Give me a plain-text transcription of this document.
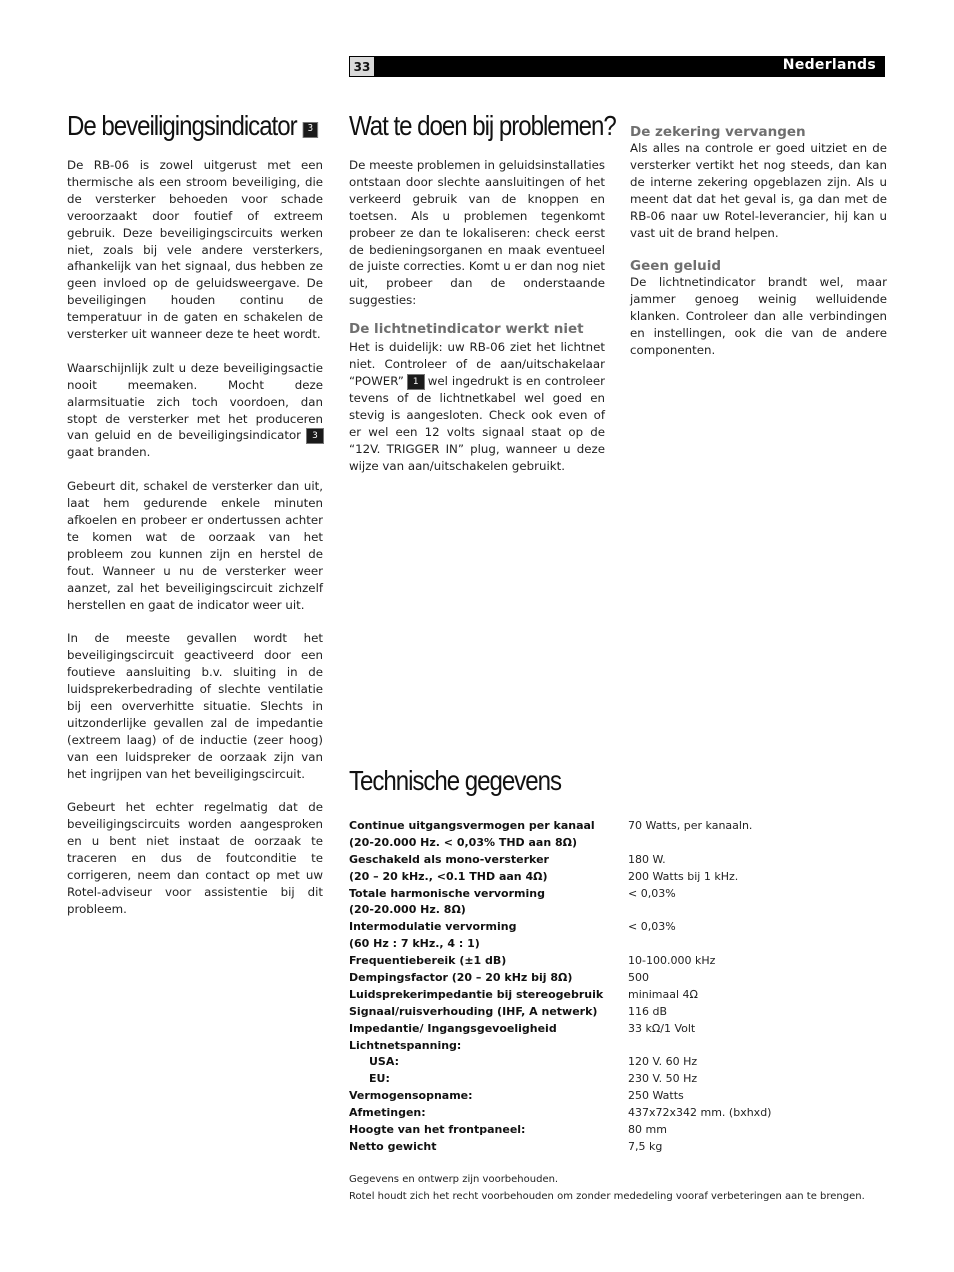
33	Nederlands
De beveiligingsindicator 3

De RB-06 is zowel uitgerust met een thermische als een stroom beveiliging, die de versterker behoeden voor schade veroorzaakt door foutief of extreem gebruik. Deze beveiligingscircuits werken niet, zoals bij vele andere versterkers, afhankelijk van het signaal, dus hebben ze geen invloed op de geluidsweergave. De beveiligingen houden continu de temperatuur in de gaten en schakelen de versterker uit wanneer deze te heet wordt.

Waarschijnlijk zult u deze beveiligingsactie nooit meemaken. Mocht deze alarmsituatie zich toch voordoen, dan stopt de versterker met het produceren van geluid en de beveiligingsindicator 3 gaat branden.

Gebeurt dit, schakel de versterker dan uit, laat hem gedurende enkele minuten afkoelen en probeer er ondertussen achter te komen wat de oorzaak van het probleem zou kunnen zijn en herstel de fout. Wanneer u nu de versterker weer aanzet, zal het beveiligingscircuit zichzelf herstellen en gaat de indicator weer uit.

In de meeste gevallen wordt het beveiligingscircuit geactiveerd door een foutieve aansluiting b.v. sluiting in de luidsprekerbedrading of slechte ventilatie bij een oververhitte situatie. Slechts in uitzonderlijke gevallen zal de impedantie (extreem laag) of de inductie (zeer hoog) van een luidspreker de oorzaak zijn van het ingrijpen van het beveiligingscircuit.

Gebeurt het echter regelmatig dat de beveiligingscircuits worden aangesproken en u bent niet instaat de oorzaak te traceren en dus de foutconditie te corrigeren, neem dan contact op met uw Rotel-adviseur voor assistentie bij dit probleem.

Wat te doen bij problemen?

De meeste problemen in geluidsinstallaties ontstaan door slechte aansluitingen of het verkeerd gebruik van de knoppen en toetsen. Als u problemen tegenkomt probeer ze dan te lokaliseren: check eerst de bedieningsorganen en maak eventueel de juiste correcties. Komt u er dan nog niet uit, probeer dan de onderstaande suggesties:

De lichtnetindicator werkt niet

Het is duidelijk: uw RB-06 ziet het lichtnet niet. Controleer of de aan/uitschakelaar “POWER” 1 wel ingedrukt is en controleer tevens of de lichtnetkabel wel goed en stevig is aangesloten. Check ook even of er wel een 12 volts signaal staat op de “12V. TRIGGER IN” plug, wanneer u deze wijze van aan/uitschakelen gebruikt.

De zekering vervangen

Als alles na controle er goed uitziet en de versterker vertikt het nog steeds, dan kan de interne zekering opgeblazen zijn. Als u meent dat dat het geval is, ga dan met de RB-06 naar uw Rotel-leverancier, hij kan u vast uit de brand helpen.

Geen geluid

De lichtnetindicator brandt wel, maar jammer genoeg weinig welluidende klanken. Controleer dan alle verbindingen en instellingen, ook die van de andere componenten.

Technische gegevens
Continue uitgangsvermogen per kanaal	70 Watts, per kanaaln.
(20-20.000 Hz. < 0,03% THD aan 8Ω)
Geschakeld als mono-versterker	180 W.
(20 – 20 kHz., <0.1 THD aan 4Ω)	200 Watts bij 1 kHz.
Totale harmonische vervorming	< 0,03%
(20-20.000 Hz. 8Ω)
Intermodulatie vervorming	< 0,03%
(60 Hz : 7 kHz., 4 : 1)
Frequentiebereik (±1 dB)	10-100.000 kHz
Dempingsfactor (20 – 20 kHz bij 8Ω)	500
Luidsprekerimpedantie bij stereogebruik	minimaal 4Ω
Signaal/ruisverhouding (IHF, A netwerk)	116 dB
Impedantie/ Ingangsgevoeligheid	33 kΩ/1 Volt
Lichtnetspanning:
USA:	120 V. 60 Hz
EU:	230 V. 50 Hz
Vermogensopname:	250 Watts
Afmetingen:	437x72x342 mm. (bxhxd)
Hoogte van het frontpaneel:	80 mm
Netto gewicht	7,5 kg
Gegevens en ontwerp zijn voorbehouden.
Rotel houdt zich het recht voorbehouden om zonder mededeling vooraf verbeteringen aan te brengen.
